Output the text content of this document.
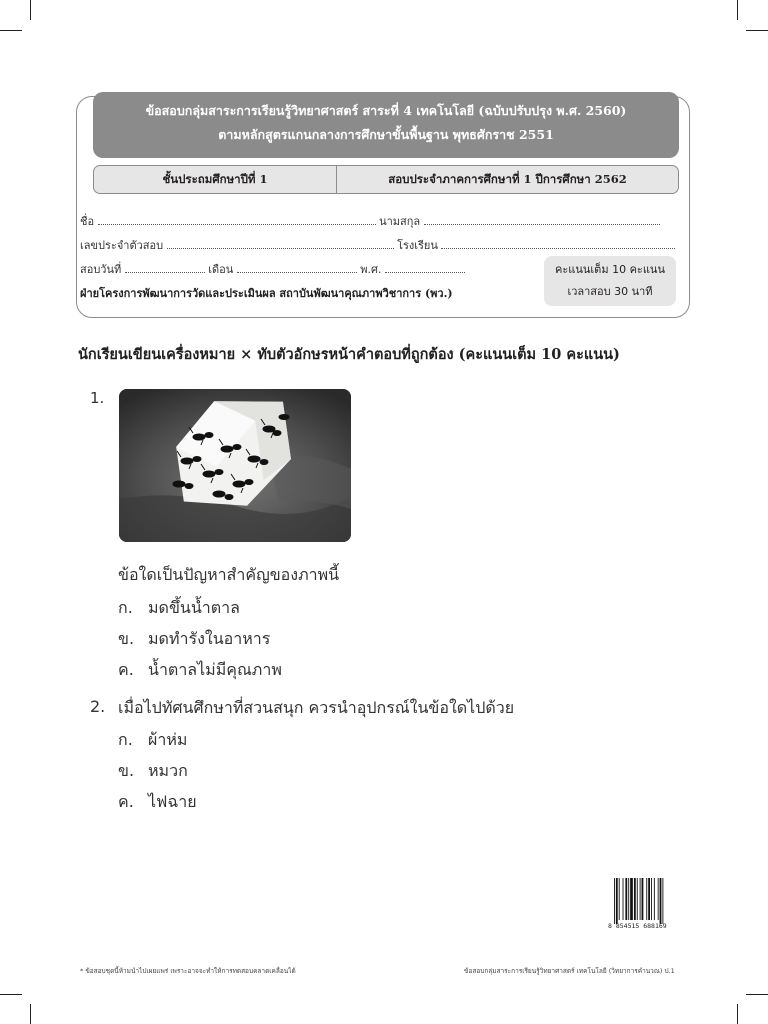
ข้อสอบกลุ่มสาระการเรียนรู้วิทยาศาสตร์ สาระที่ 4 เทคโนโลยี (ฉบับปรับปรุง พ.ศ. 2560)
ตามหลักสูตรแกนกลางการศึกษาขั้นพื้นฐาน พุทธศักราช 2551
ชั้นประถมศึกษาปีที่ 1	สอบประจำภาคการศึกษาที่ 1 ปีการศึกษา 2562
ชื่อ	นามสกุล
เลขประจำตัวสอบ	โรงเรียน
สอบวันที่	เดือน	พ.ศ.	คะแนนเต็ม 10 คะแนน
เวลาสอบ 30 นาที
ฝ่ายโครงการพัฒนาการวัดและประเมินผล สถาบันพัฒนาคุณภาพวิชาการ (พว.)
นักเรียนเขียนเครื่องหมาย × ทับตัวอักษรหน้าคำตอบที่ถูกต้อง (คะแนนเต็ม 10 คะแนน)
1.
ข้อใดเป็นปัญหาสำคัญของภาพนี้
ก. มดขึ้นน้ำตาล
ข. มดทำรังในอาหาร
ค. น้ำตาลไม่มีคุณภาพ
2. เมื่อไปทัศนศึกษาที่สวนสนุก ควรนำอุปกรณ์ในข้อใดไปด้วย
ก. ผ้าห่ม
ข. หมวก
ค. ไฟฉาย
8 854515 688169
* ข้อสอบชุดนี้ห้ามนำไปเผยแพร่ เพราะอาจจะทำให้การทดสอบคลาดเคลื่อนได้	ข้อสอบกลุ่มสาระการเรียนรู้วิทยาศาสตร์ เทคโนโลยี (วิทยาการคำนวณ) ป.1
